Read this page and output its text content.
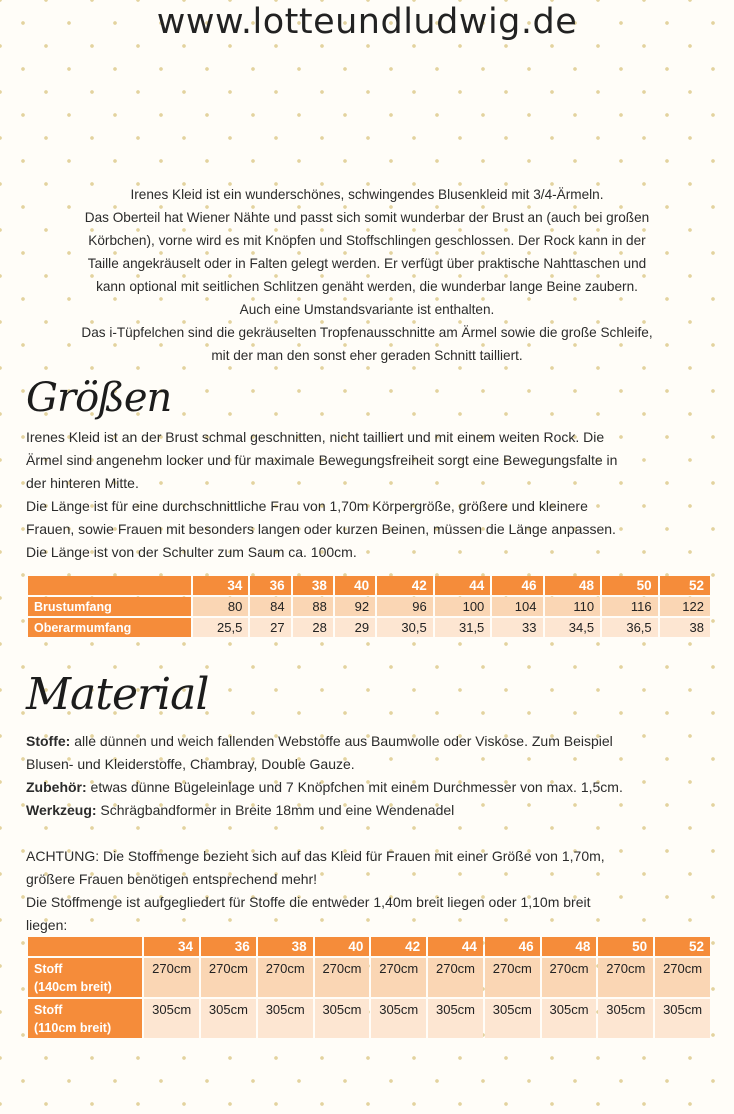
www.lotteundludwig.de

Irenes Kleid ist ein wunderschönes, schwingendes Blusenkleid mit 3/4-Ärmeln.

Das Oberteil hat Wiener Nähte und passt sich somit wunderbar der Brust an (auch bei großen

Körbchen), vorne wird es mit Knöpfen und Stoffschlingen geschlossen. Der Rock kann in der

Taille angekräuselt oder in Falten gelegt werden. Er verfügt über praktische Nahttaschen und

kann optional mit seitlichen Schlitzen genäht werden, die wunderbar lange Beine zaubern.

Auch eine Umstandsvariante ist enthalten.

Das i-Tüpfelchen sind die gekräuselten Tropfenausschnitte am Ärmel sowie die große Schleife,

mit der man den sonst eher geraden Schnitt tailliert.

Größen

Irenes Kleid ist an der Brust schmal geschnitten, nicht tailliert und mit einem weiten Rock. Die

Ärmel sind angenehm locker und für maximale Bewegungsfreiheit sorgt eine Bewegungsfalte in

der hinteren Mitte.

Die Länge ist für eine durchschnittliche Frau von 1,70m Körpergröße, größere und kleinere

Frauen, sowie Frauen mit besonders langen oder kurzen Beinen, müssen die Länge anpassen.

Die Länge ist von der Schulter zum Saum ca. 100cm.

	34	36	38	40	42	44	46	48	50	52
Brustumfang	80	84	88	92	96	100	104	110	116	122
Oberarmumfang	25,5	27	28	29	30,5	31,5	33	34,5	36,5	38
Material

Stoffe: alle dünnen und weich fallenden Webstoffe aus Baumwolle oder Viskose. Zum Beispiel

Blusen- und Kleiderstoffe, Chambray, Double Gauze.

Zubehör: etwas dünne Bügeleinlage und 7 Knöpfchen mit einem Durchmesser von max. 1,5cm.

Werkzeug: Schrägbandformer in Breite 18mm und eine Wendenadel

ACHTUNG: Die Stoffmenge bezieht sich auf das Kleid für Frauen mit einer Größe von 1,70m,

größere Frauen benötigen entsprechend mehr!

Die Stoffmenge ist aufgegliedert für Stoffe die entweder 1,40m breit liegen oder 1,10m breit

liegen:

	34	36	38	40	42	44	46	48	50	52

Stoff
(140cm breit)	270cm	270cm	270cm	270cm	270cm	270cm	270cm	270cm	270cm	270cm

Stoff
(110cm breit)	305cm	305cm	305cm	305cm	305cm	305cm	305cm	305cm	305cm	305cm
